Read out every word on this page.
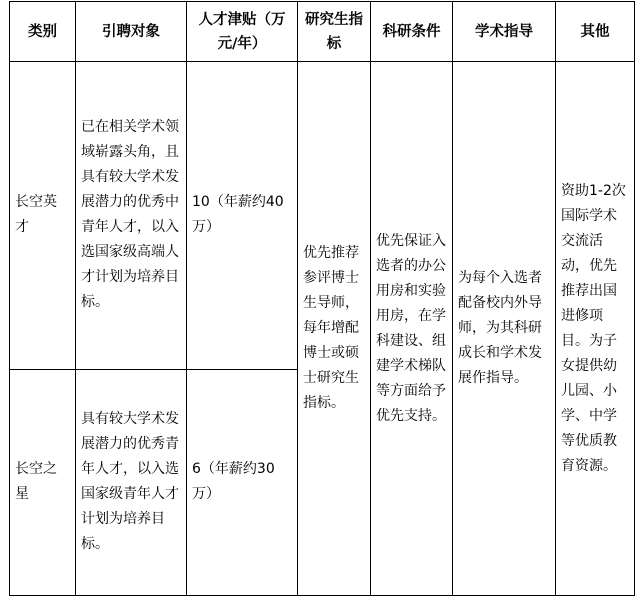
类别	引聘对象	人才津贴（万元/年）	研究生指标	科研条件	学术指导	其他
长空英才	已在相关学术领域崭露头角，且具有较大学术发展潜力的优秀中青年人才，以入选国家级高端人才计划为培养目标。	10（年薪约40万）	优先推荐参评博士生导师，每年增配博士或硕士研究生指标。	优先保证入选者的办公用房和实验用房，在学科建设、组建学术梯队等方面给予优先支持。	为每个入选者配备校内外导师，为其科研成长和学术发展作指导。	资助1-2次国际学术交流活动，优先推荐出国进修项目。为子女提供幼儿园、小学、中学等优质教育资源。
长空之星	具有较大学术发展潜力的优秀青年人才，以入选国家级青年人才计划为培养目标。	6（年薪约30万）				
